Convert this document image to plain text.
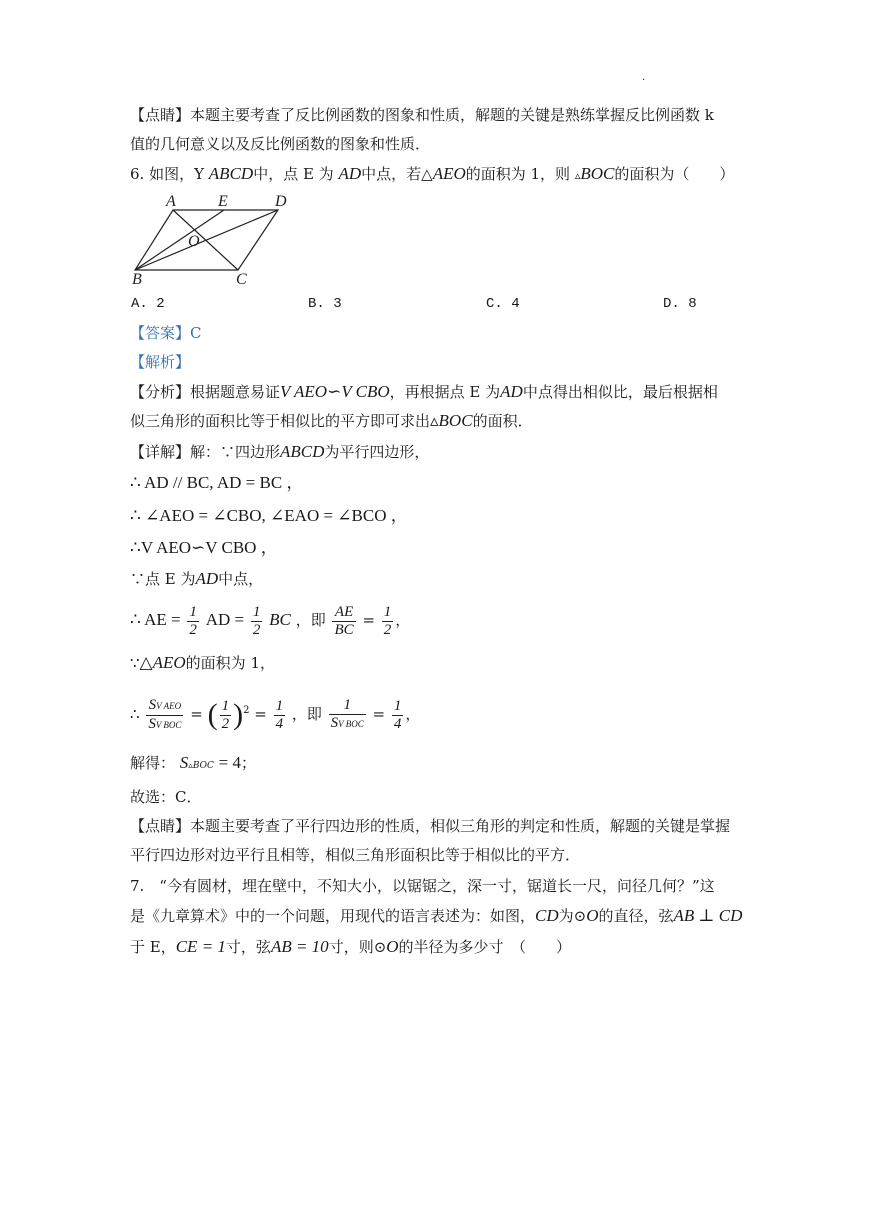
.
【点睛】本题主要考查了反比例函数的图象和性质，解题的关键是熟练掌握反比例函数 k
值的几何意义以及反比例函数的图象和性质．
6. 如图，Y ABCD中，点 E 为 AD中点，若△AEO的面积为 1，则 ▵BOC的面积为（　　）
A	E	D
O
B	C
A. 2	B. 3	C. 4	D. 8
【答案】C
【解析】
【分析】根据题意易证V AEO∽V CBO，再根据点 E 为AD中点得出相似比，最后根据相
似三角形的面积比等于相似比的平方即可求出▵BOC的面积．
【详解】解：∵四边形ABCD为平行四边形，
∴ AD // BC, AD = BC ，
∴ ∠AEO = ∠CBO, ∠EAO = ∠BCO ，
∴V AEO∽V CBO ，
∵点 E 为AD中点，
∴ AE = $\frac{1}{2}$ AD = $\frac{1}{2}$ BC ，即 $\frac{AE}{BC} = \frac{1}{2}$ ，
∵△AEO的面积为 1，
∴ $\frac{\text{SV AEO}}{\text{SV BOC}}$ = ( $\frac{1}{2} )^2 = \frac{1}{4}$ ，即 $\frac{1}{\text{SV BOC}} = \frac{1}{4}$ ，
解得： S▵BOC = 4；
故选：C．
【点睛】本题主要考查了平行四边形的性质，相似三角形的判定和性质，解题的关键是掌握
平行四边形对边平行且相等，相似三角形面积比等于相似比的平方．
7.　“今有圆材，埋在壁中，不知大小，以锯锯之，深一寸，锯道长一尺，问径几何？”这
是《九章算术》中的一个问题，用现代的语言表述为：如图，CD为⊙O的直径，弦AB ⊥ CD
于 E，CE = 1寸，弦AB = 10寸，则⊙O的半径为多少寸　（　　）
